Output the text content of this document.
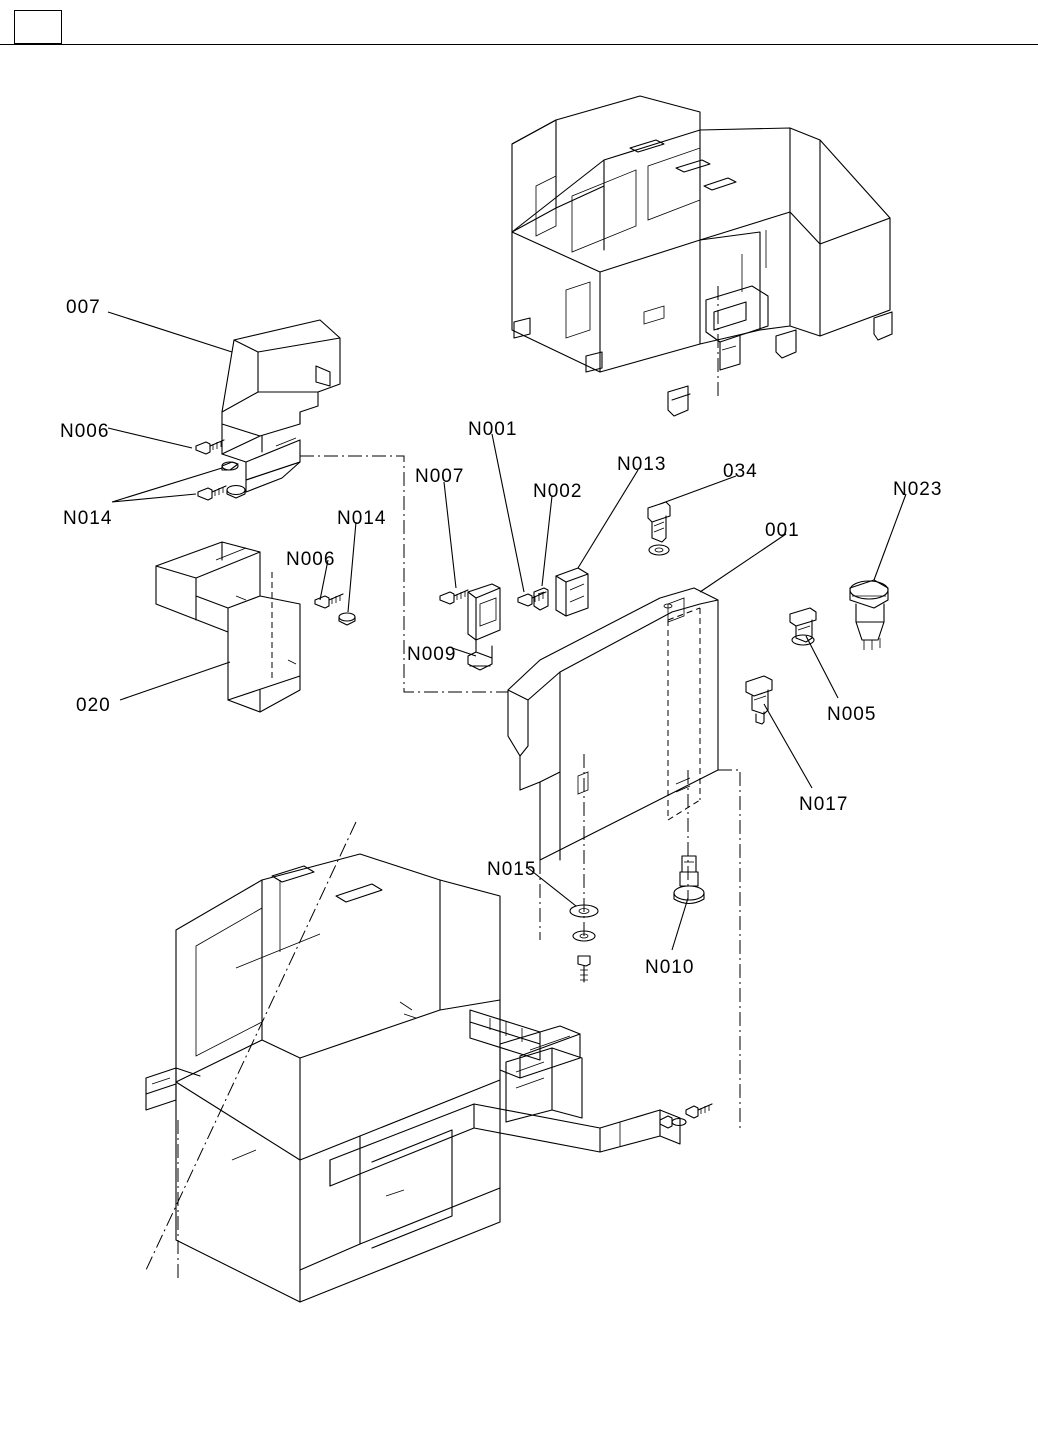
007
N006
N014
N006
N014
020
N007
N001
N002
N013	034
001
N023
N009
N005
N017
N015
N010
